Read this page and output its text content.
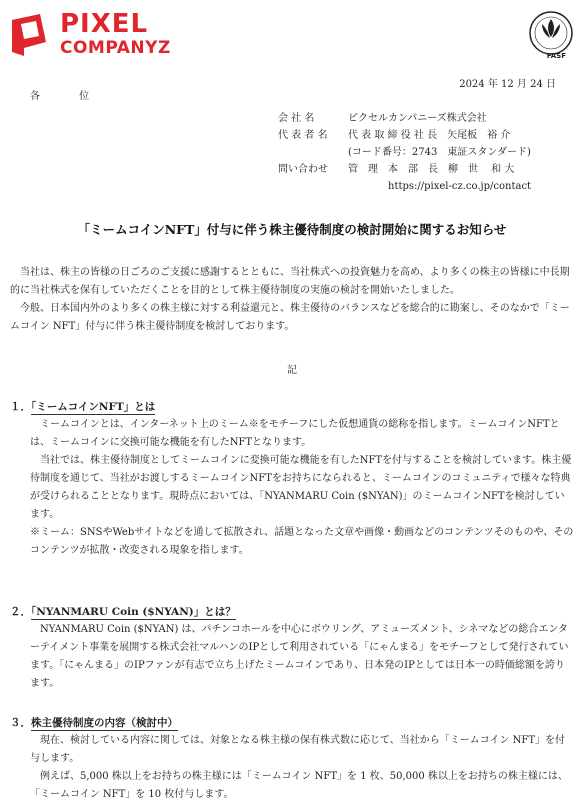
PIXEL
COMPANYZ	FASF
2024 年 12 月 24 日
各 位
会 社 名	ピクセルカンパニーズ株式会社
代 表 者 名 代 表 取 締 役 社 長　矢尾板　裕 介
(コード番号：2743　東証スタンダード)
問い合わせ 管　理　本　部　長　柳　世　 和 大
https://pixel-cz.co.jp/contact
「ミームコインNFT」付与に伴う株主優待制度の検討開始に関するお知らせ

　当社は、株主の皆様の日ごろのご支援に感謝するとともに、当社株式への投資魅力を高め、より多くの株主の皆様に中長期的に当社株式を保有していただくことを目的として株主優待制度の実施の検討を開始いたしました。

　今般、日本国内外のより多くの株主様に対する利益還元と、株主優待のバランスなどを総合的に勘案し、そのなかで「ミームコイン NFT」付与に伴う株主優待制度を検討しております。

記
１．「ミームコインNFT」とは

　ミームコインとは、インターネット上のミーム※をモチーフにした仮想通貨の総称を指します。ミームコインNFTとは、ミームコインに交換可能な機能を有したNFTとなります。

　当社では、株主優待制度としてミームコインに変換可能な機能を有したNFTを付与することを検討しています。株主優待制度を通じて、当社がお渡しするミームコインNFTをお持ちになられると、ミームコインのコミュニティで様々な特典が受けられることとなります。現時点においては、「NYANMARU Coin ($NYAN)」のミームコインNFTを検討しています。

※ミーム：SNSやWebサイトなどを通して拡散され、話題となった文章や画像・動画などのコンテンツそのものや、そのコンテンツが拡散・改変される現象を指します。

２．「NYANMARU Coin ($NYAN)」とは？

　NYANMARU Coin ($NYAN) は、パチンコホールを中心にボウリング、アミューズメント、シネマなどの総合エンターテイメント事業を展開する株式会社マルハンのIPとして利用されている「にゃんまる」をモチーフとして発行されています。「にゃんまる」のIPファンが有志で立ち上げたミームコインであり、日本発のIPとしては日本一の時価総額を誇ります。

３．株主優待制度の内容（検討中）

　現在、検討している内容に関しては、対象となる株主様の保有株式数に応じて、当社から「ミームコイン NFT」を付与します。

　例えば、5,000 株以上をお持ちの株主様には「ミームコイン NFT」を 1 枚、50,000 株以上をお持ちの株主様には、「ミームコイン NFT」を 10 枚付与します。
